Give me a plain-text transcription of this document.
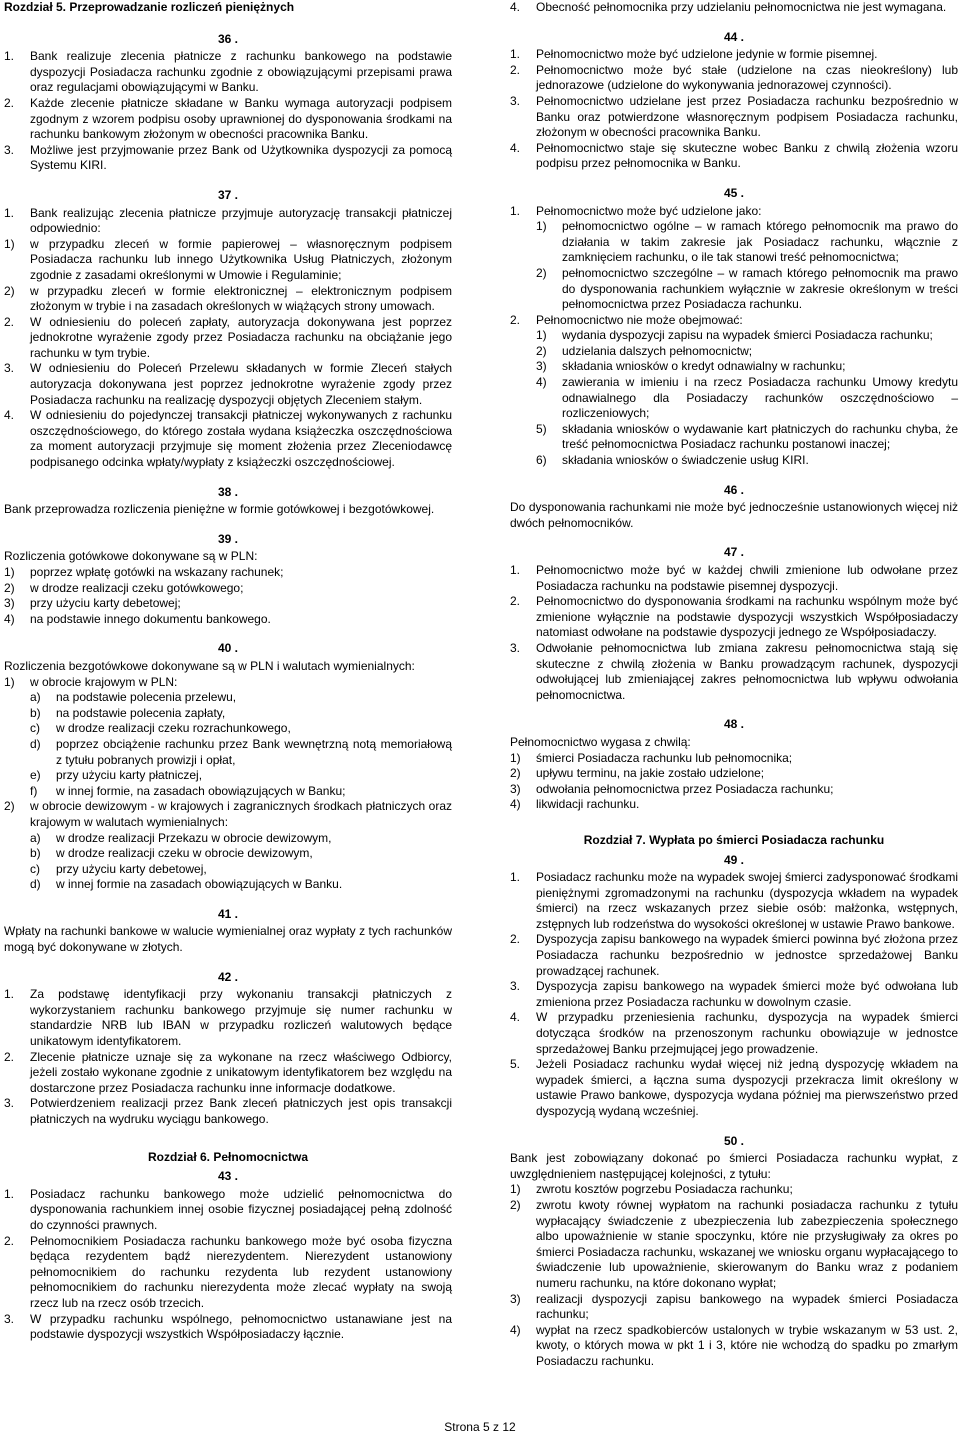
Rozdział 5. Przeprowadzanie rozliczeń pieniężnych

36 .

1. Bank realizuje zlecenia płatnicze z rachunku bankowego na podstawie dyspozycji Posiadacza rachunku zgodnie z obowiązującymi przepisami prawa oraz regulacjami obowiązującymi w Banku.
2. Każde zlecenie płatnicze składane w Banku wymaga autoryzacji podpisem zgodnym z wzorem podpisu osoby uprawnionej do dysponowania środkami na rachunku bankowym złożonym w obecności pracownika Banku.
3. Możliwe jest przyjmowanie przez Bank od Użytkownika dyspozycji za pomocą Systemu KIRI.

37 .

1. Bank realizując zlecenia płatnicze przyjmuje autoryzację transakcji płatniczej odpowiednio:
1) w przypadku zleceń w formie papierowej – własnoręcznym podpisem Posiadacza rachunku lub innego Użytkownika Usług Płatniczych, złożonym zgodnie z zasadami określonymi w Umowie i Regulaminie;
2) w przypadku zleceń w formie elektronicznej – elektronicznym podpisem złożonym w trybie i na zasadach określonych w wiążących strony umowach.
2. W odniesieniu do poleceń zapłaty, autoryzacja dokonywana jest poprzez jednokrotne wyrażenie zgody przez Posiadacza rachunku na obciążanie jego rachunku w tym trybie.
3. W odniesieniu do Poleceń Przelewu składanych w formie Zleceń stałych autoryzacja dokonywana jest poprzez jednokrotne wyrażenie zgody przez Posiadacza rachunku na realizację dyspozycji objętych Zleceniem stałym.
4. W odniesieniu do pojedynczej transakcji płatniczej wykonywanych z rachunku oszczędnościowego, do którego została wydana książeczka oszczędnościowa za moment autoryzacji przyjmuje się moment złożenia przez Zleceniodawcę podpisanego odcinka wpłaty/wypłaty z książeczki oszczędnościowej.

38 .

Bank przeprowadza rozliczenia pieniężne w formie gotówkowej i bezgotówkowej.

39 .

Rozliczenia gotówkowe dokonywane są w PLN:

1) poprzez wpłatę gotówki na wskazany rachunek;
2) w drodze realizacji czeku gotówkowego;
3) przy użyciu karty debetowej;
4) na podstawie innego dokumentu bankowego.

40 .

Rozliczenia bezgotówkowe dokonywane są w PLN i walutach wymienialnych:

1) w obrocie krajowym w PLN:
a) na podstawie polecenia przelewu,
b) na podstawie polecenia zapłaty,
c) w drodze realizacji czeku rozrachunkowego,
d) poprzez obciążenie rachunku przez Bank wewnętrzną notą memoriałową z tytułu pobranych prowizji i opłat,
e) przy użyciu karty płatniczej,
f) w innej formie, na zasadach obowiązujących w Banku;
2) w obrocie dewizowym - w krajowych i zagranicznych środkach płatniczych oraz krajowym w walutach wymienialnych:
a) w drodze realizacji Przekazu w obrocie dewizowym,
b) w drodze realizacji czeku w obrocie dewizowym,
c) przy użyciu karty debetowej,
d) w innej formie na zasadach obowiązujących w Banku.

41 .

Wpłaty na rachunki bankowe w walucie wymienialnej oraz wypłaty z tych rachunków mogą być dokonywane w złotych.

42 .

1. Za podstawę identyfikacji przy wykonaniu transakcji płatniczych z wykorzystaniem rachunku bankowego przyjmuje się numer rachunku w standardzie NRB lub IBAN w przypadku rozliczeń walutowych będące unikatowym identyfikatorem.
2. Zlecenie płatnicze uznaje się za wykonane na rzecz właściwego Odbiorcy, jeżeli zostało wykonane zgodnie z unikatowym identyfikatorem bez względu na dostarczone przez Posiadacza rachunku inne informacje dodatkowe.
3. Potwierdzeniem realizacji przez Bank zleceń płatniczych jest opis transakcji płatniczych na wydruku wyciągu bankowego.

Rozdział 6. Pełnomocnictwa

43 .

1. Posiadacz rachunku bankowego może udzielić pełnomocnictwa do dysponowania rachunkiem innej osobie fizycznej posiadającej pełną zdolność do czynności prawnych.
2. Pełnomocnikiem Posiadacza rachunku bankowego może być osoba fizyczna będąca rezydentem bądź nierezydentem. Nierezydent ustanowiony pełnomocnikiem do rachunku rezydenta lub rezydent ustanowiony pełnomocnikiem do rachunku nierezydenta może zlecać wypłaty na swoją rzecz lub na rzecz osób trzecich.
3. W przypadku rachunku wspólnego, pełnomocnictwo ustanawiane jest na podstawie dyspozycji wszystkich Współposiadaczy łącznie.
4. Obecność pełnomocnika przy udzielaniu pełnomocnictwa nie jest wymagana.

44 .

1. Pełnomocnictwo może być udzielone jedynie w formie pisemnej.
2. Pełnomocnictwo może być stałe (udzielone na czas nieokreślony) lub jednorazowe (udzielone do wykonywania jednorazowej czynności).
3. Pełnomocnictwo udzielane jest przez Posiadacza rachunku bezpośrednio w Banku oraz potwierdzone własnoręcznym podpisem Posiadacza rachunku, złożonym w obecności pracownika Banku.
4. Pełnomocnictwo staje się skuteczne wobec Banku z chwilą złożenia wzoru podpisu przez pełnomocnika w Banku.

45 .

1. Pełnomocnictwo może być udzielone jako:
1) pełnomocnictwo ogólne – w ramach którego pełnomocnik ma prawo do działania w takim zakresie jak Posiadacz rachunku, włącznie z zamknięciem rachunku, o ile tak stanowi treść pełnomocnictwa;
2) pełnomocnictwo szczególne – w ramach którego pełnomocnik ma prawo do dysponowania rachunkiem wyłącznie w zakresie określonym w treści pełnomocnictwa przez Posiadacza rachunku.
2. Pełnomocnictwo nie może obejmować:
1) wydania dyspozycji zapisu na wypadek śmierci Posiadacza rachunku;
2) udzielania dalszych pełnomocnictw;
3) składania wniosków o kredyt odnawialny w rachunku;
4) zawierania w imieniu i na rzecz Posiadacza rachunku Umowy kredytu odnawialnego dla Posiadaczy rachunków oszczędnościowo –rozliczeniowych;
5) składania wniosków o wydawanie kart płatniczych do rachunku chyba, że treść pełnomocnictwa Posiadacz rachunku postanowi inaczej;
6) składania wniosków o świadczenie usług KIRI.

46 .

Do dysponowania rachunkami nie może być jednocześnie ustanowionych więcej niż dwóch pełnomocników.

47 .

1. Pełnomocnictwo może być w każdej chwili zmienione lub odwołane przez Posiadacza rachunku na podstawie pisemnej dyspozycji.
2. Pełnomocnictwo do dysponowania środkami na rachunku wspólnym może być zmienione wyłącznie na podstawie dyspozycji wszystkich Współposiadaczy natomiast odwołane na podstawie dyspozycji jednego ze Współposiadaczy.
3. Odwołanie pełnomocnictwa lub zmiana zakresu pełnomocnictwa stają się skuteczne z chwilą złożenia w Banku prowadzącym rachunek, dyspozycji odwołującej lub zmieniającej zakres pełnomocnictwa lub wpływu odwołania pełnomocnictwa.

48 .

Pełnomocnictwo wygasa z chwilą:

1) śmierci Posiadacza rachunku lub pełnomocnika;
2) upływu terminu, na jakie zostało udzielone;
3) odwołania pełnomocnictwa przez Posiadacza rachunku;
4) likwidacji rachunku.

Rozdział 7. Wypłata po śmierci Posiadacza rachunku

49 .

1. Posiadacz rachunku może na wypadek swojej śmierci zadysponować środkami pieniężnymi zgromadzonymi na rachunku (dyspozycja wkładem na wypadek śmierci) na rzecz wskazanych przez siebie osób: małżonka, wstępnych, zstępnych lub rodzeństwa do wysokości określonej w ustawie Prawo bankowe.
2. Dyspozycja zapisu bankowego na wypadek śmierci powinna być złożona przez Posiadacza rachunku bezpośrednio w jednostce sprzedażowej Banku prowadzącej rachunek.
3. Dyspozycja zapisu bankowego na wypadek śmierci może być odwołana lub zmieniona przez Posiadacza rachunku w dowolnym czasie.
4. W przypadku przeniesienia rachunku, dyspozycja na wypadek śmierci dotycząca środków na przenoszonym rachunku obowiązuje w jednostce sprzedażowej Banku przejmującej jego prowadzenie.
5. Jeżeli Posiadacz rachunku wydał więcej niż jedną dyspozycję wkładem na wypadek śmierci, a łączna suma dyspozycji przekracza limit określony w ustawie Prawo bankowe, dyspozycja wydana później ma pierwszeństwo przed dyspozycją wydaną wcześniej.

50 .

Bank jest zobowiązany dokonać po śmierci Posiadacza rachunku wypłat, z uwzględnieniem następującej kolejności, z tytułu:

1) zwrotu kosztów pogrzebu Posiadacza rachunku;
2) zwrotu kwoty równej wypłatom na rachunki posiadacza rachunku z tytułu wypłacający świadczenie z ubezpieczenia lub zabezpieczenia społecznego albo upoważnienie w stanie spoczynku, które nie przysługiwały za okres po śmierci Posiadacza rachunku, wskazanej we wniosku organu wypłacającego to świadczenie lub upoważnienie, skierowanym do Banku wraz z podaniem numeru rachunku, na które dokonano wypłat;
3) realizacji dyspozycji zapisu bankowego na wypadek śmierci Posiadacza rachunku;
4) wypłat na rzecz spadkobierców ustalonych w trybie wskazanym w 53 ust. 2, kwoty, o których mowa w pkt 1 i 3, które nie wchodzą do spadku po zmarłym Posiadaczu rachunku.
Strona 5 z 12
